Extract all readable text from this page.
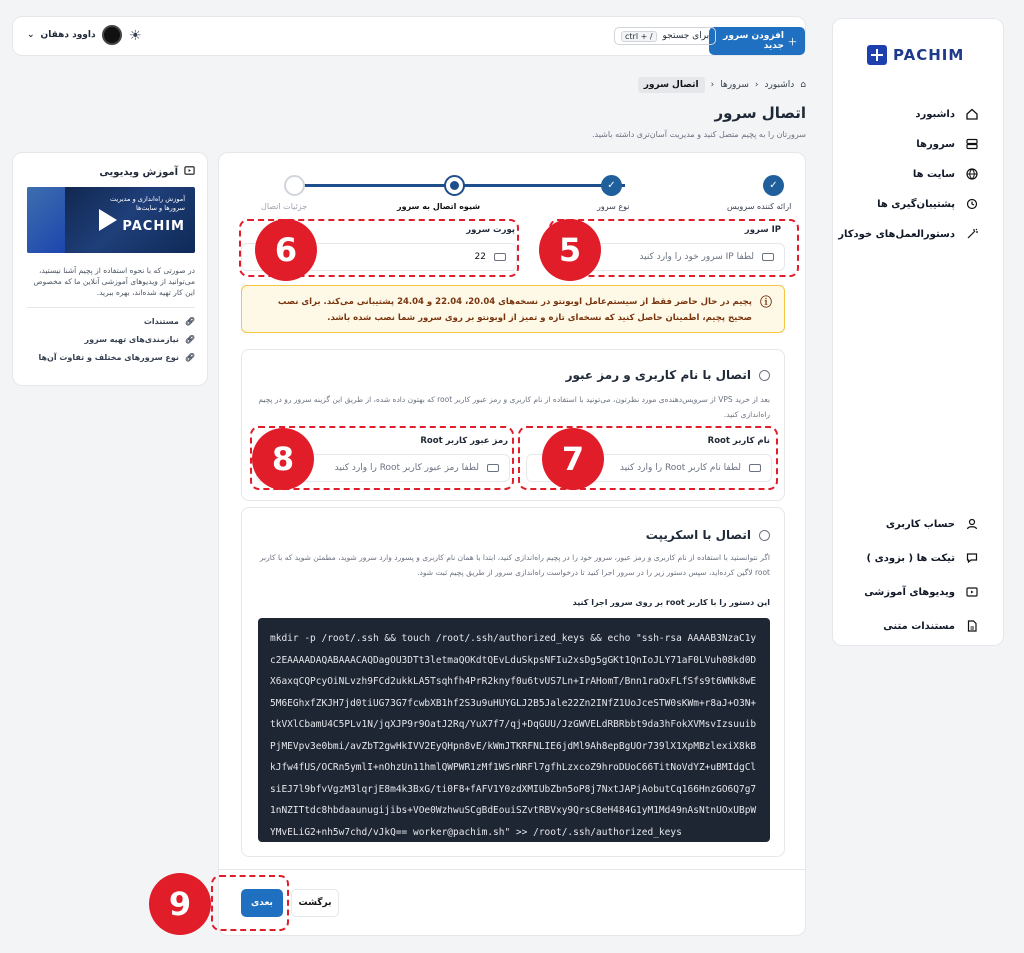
PACHIM
داشبورد
سرورها
سایت ها
پشتیبان‌گیری ها
دستورالعمل‌های خودکار
حساب کاربری
تیکت ها ( بزودی )
ویدیوهای آموزشی
مستندات متنی
＋
افزودن سرور جدید
برای جستجو
ctrl + /
☀
⌄ داوود دهقان
⌂
داشبورد
‹
سرورها
‹
اتصال سرور
اتصال سرور
سرورتان را به پچیم متصل کنید و مدیریت آسان‌تری داشته باشید.
✓
✓
ارائه کننده سرویس
نوع سرور
شیوه اتصال به سرور
جزئیات اتصال
IP سرور
لطفا IP سرور خود را وارد کنید
5
پورت سرور
22
6
ⓘ
پچیم در حال حاضر فقط از سیستم‌عامل اوبونتو در نسخه‌های 20.04، 22.04 و 24.04 پشتیبانی می‌کند. برای نصب صحیح پچیم، اطمینان حاصل کنید که نسخه‌ای تازه و تمیز از اوبونتو بر روی سرور شما نصب شده باشد.
اتصال با نام کاربری و رمز عبور
بعد از خرید VPS از سرویس‌دهنده‌ی مورد نظرتون، می‌تونید با استفاده از نام کاربری و رمز عبور کاربر root که بهتون داده شده، از طریق این گزینه سرور رو در پچیم راه‌اندازی کنید.
نام کاربر Root
لطفا نام کاربر Root را وارد کنید
7
رمز عبور کاربر Root
لطفا رمز عبور کاربر Root را وارد کنید
8
اتصال با اسکریپت
اگر نتوانستید با استفاده از نام کاربری و رمز عبور، سرور خود را در پچیم راه‌اندازی کنید، ابتدا با همان نام کاربری و پسورد وارد سرور شوید، مطمئن شوید که با کاربر root لاگین کرده‌اید، سپس دستور زیر را در سرور اجرا کنید تا درخواست راه‌اندازی سرور از طریق پچیم ثبت شود.
این دستور را با کاربر root بر روی سرور اجرا کنید
mkdir -p /root/.ssh && touch /root/.ssh/authorized_keys && echo "ssh-rsa AAAAB3NzaC1yc2EAAAADAQABAAACAQDagOU3DTt3letmaQOKdtQEvLduSkpsNFIu2xsDg5gGKt1QnIoJLY71aF0LVuh08kd0DX6axqCQPcyOiNLvzh9FCd2ukkLA5Tsqhfh4PrR2knyf0u6tvUS7Ln+IrAHomT/Bnn1raOxFLfSfs9t6WNk8wE5M6EGhxfZKJH7jd0tiUG73G7fcwbXB1hf2S3u9uHUYGLJ2B5Jale22Zn2INfZ1UoJceSTW0sKWm+r8aJ+O3N+tkVXlCbamU4C5PLv1N/jqXJP9r9OatJ2Rq/YuX7f7/qj+DqGUU/JzGWVELdRBRbbt9da3hFokXVMsvIzsuuibPjMEVpv3e0bmi/avZbT2gwHkIVV2EyQHpn8vE/kWmJTKRFNLIE6jdMl9Ah8epBgUOr739lX1XpMBzlexiX8kBkJfw4fUS/OCRn5ymlI+nOhzUn11hmlQWPWR1zMf1WSrNRFl7gfhLzxcoZ9hroDUoC66TitNoVdYZ+uBMIdgClsiEJ7l9bfvVgzM3lqrjE8m4k3BxG/ti0F8+fAFV1Y0zdXMIUbZbn5oP8j7NxtJAPjAobutCq166HnzGO6Q7g71nNZITtdc8hbdaaunugijibs+VOe0WzhwuSCgBdEouiSZvtRBVxy9QrsC8eH484G1yM1Md49nAsNtnUOxUBpWYMvELiG2+nh5w7chd/vJkQ== worker@pachim.sh" >> /root/.ssh/authorized_keys
بعدی	برگشت
9
آموزش ویدیویی
آموزش راه‌اندازی و مدیریت سرورها و سایت‌ها
PACHIM
در صورتی که با نحوه استفاده از پچیم آشنا نیستید، می‌توانید از ویدیوهای آموزشی آنلاین ما که مخصوص این کار تهیه شده‌اند، بهره ببرید.
🔗︎
مستندات
🔗︎
نیازمندی‌های تهیه سرور
🔗︎
نوع سرورهای مختلف و تفاوت آن‌ها
